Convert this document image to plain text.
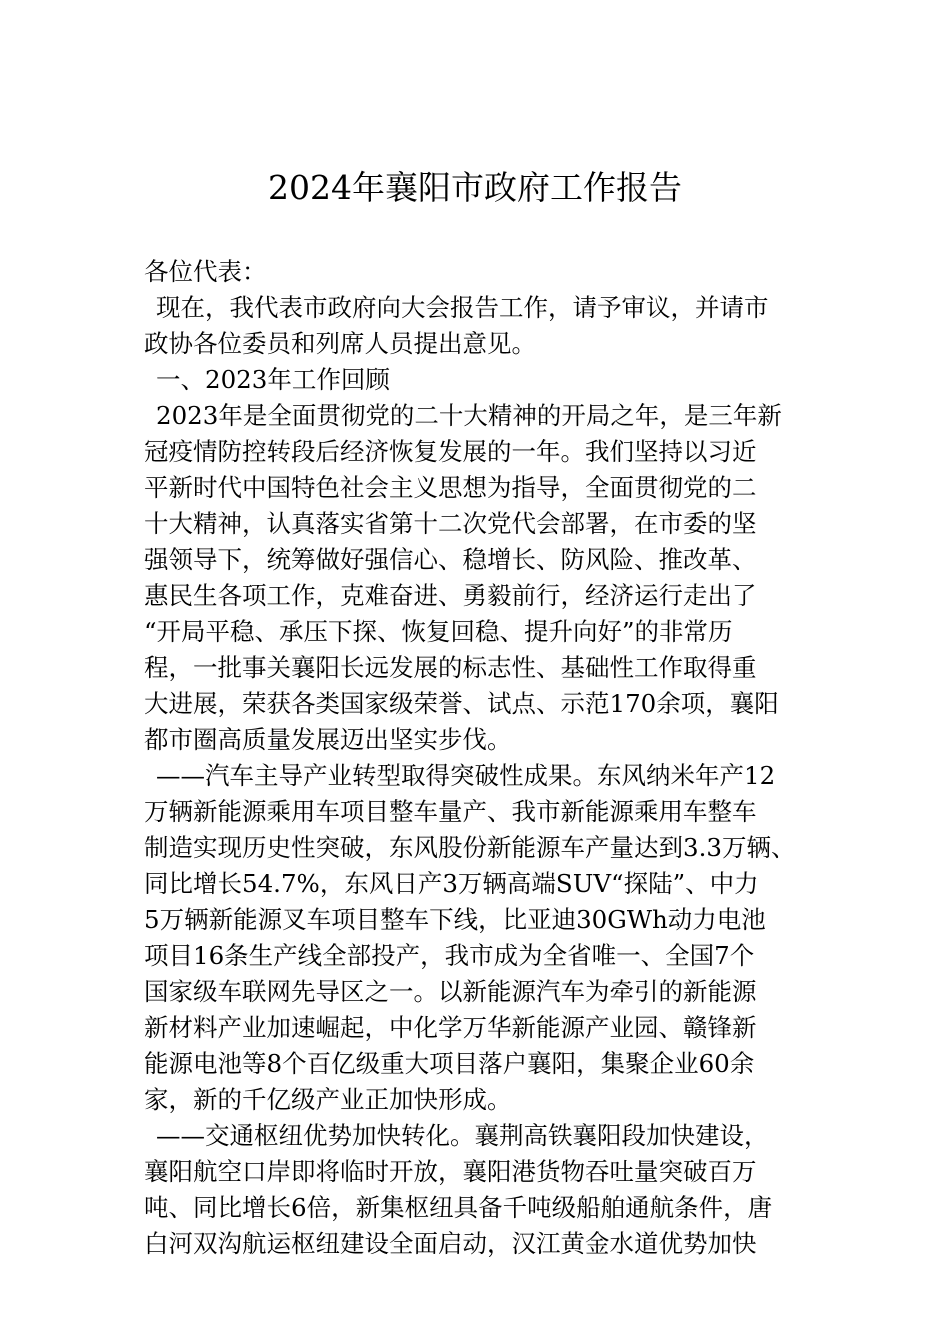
2024年襄阳市政府工作报告
各位代表：
现在，我代表市政府向大会报告工作，请予审议，并请市
政协各位委员和列席人员提出意见。
一、2023年工作回顾
2023年是全面贯彻党的二十大精神的开局之年，是三年新
冠疫情防控转段后经济恢复发展的一年。我们坚持以习近
平新时代中国特色社会主义思想为指导，全面贯彻党的二
十大精神，认真落实省第十二次党代会部署，在市委的坚
强领导下，统筹做好强信心、稳增长、防风险、推改革、
惠民生各项工作，克难奋进、勇毅前行，经济运行走出了
“开局平稳、承压下探、恢复回稳、提升向好”的非常历
程，一批事关襄阳长远发展的标志性、基础性工作取得重
大进展，荣获各类国家级荣誉、试点、示范170余项，襄阳
都市圈高质量发展迈出坚实步伐。
——汽车主导产业转型取得突破性成果。东风纳米年产12
万辆新能源乘用车项目整车量产、我市新能源乘用车整车
制造实现历史性突破，东风股份新能源车产量达到3.3万辆、
同比增长54.7%，东风日产3万辆高端SUV“探陆”、中力
5万辆新能源叉车项目整车下线，比亚迪30GWh动力电池
项目16条生产线全部投产，我市成为全省唯一、全国7个
国家级车联网先导区之一。以新能源汽车为牵引的新能源
新材料产业加速崛起，中化学万华新能源产业园、赣锋新
能源电池等8个百亿级重大项目落户襄阳，集聚企业60余
家，新的千亿级产业正加快形成。
——交通枢纽优势加快转化。襄荆高铁襄阳段加快建设，
襄阳航空口岸即将临时开放，襄阳港货物吞吐量突破百万
吨、同比增长6倍，新集枢纽具备千吨级船舶通航条件，唐
白河双沟航运枢纽建设全面启动，汉江黄金水道优势加快
